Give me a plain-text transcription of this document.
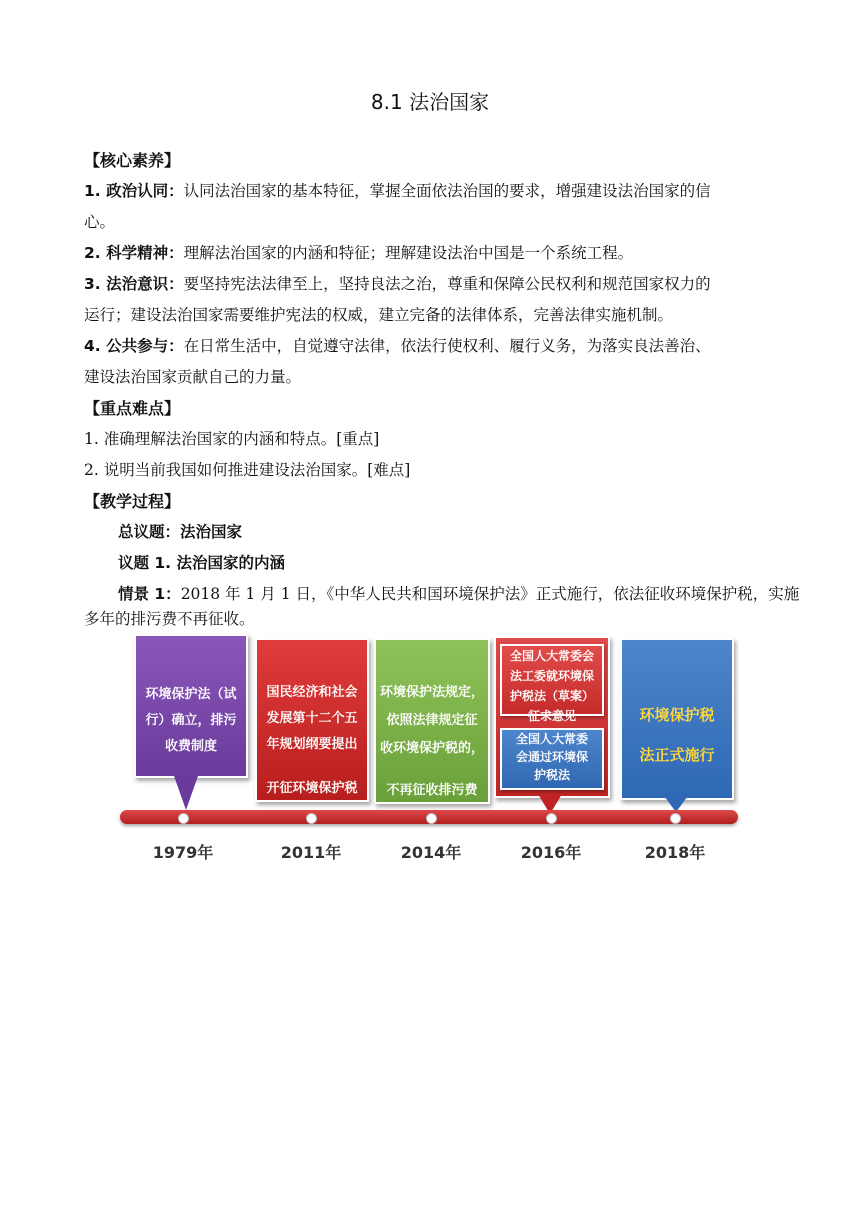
8.1 法治国家
【核心素养】
1. 政治认同：认同法治国家的基本特征，掌握全面依法治国的要求，增强建设法治国家的信
心。
2. 科学精神：理解法治国家的内涵和特征；理解建设法治中国是一个系统工程。
3. 法治意识：要坚持宪法法律至上，坚持良法之治，尊重和保障公民权利和规范国家权力的
运行；建设法治国家需要维护宪法的权威，建立完备的法律体系，完善法律实施机制。
4. 公共参与：在日常生活中，自觉遵守法律，依法行使权利、履行义务，为落实良法善治、
建设法治国家贡献自己的力量。
【重点难点】
1. 准确理解法治国家的内涵和特点。[重点]
2. 说明当前我国如何推进建设法治国家。[难点]
【教学过程】
总议题：法治国家
议题 1. 法治国家的内涵
情景 1：2018 年 1 月 1 日，《中华人民共和国环境保护法》正式施行，依法征收环境保护税，实施
多年的排污费不再征收。
环境保护法（试
行）确立，排污
收费制度
国民经济和社会
发展第十二个五
年规划纲要提出
开征环境保护税
环境保护法规定，
依照法律规定征
收环境保护税的，
不再征收排污费
全国人大常委会
法工委就环境保
护税法（草案）
征求意见
全国人大常委
会通过环境保
护税法
环境保护税
法正式施行
1979年	2011年	2014年	2016年	2018年
